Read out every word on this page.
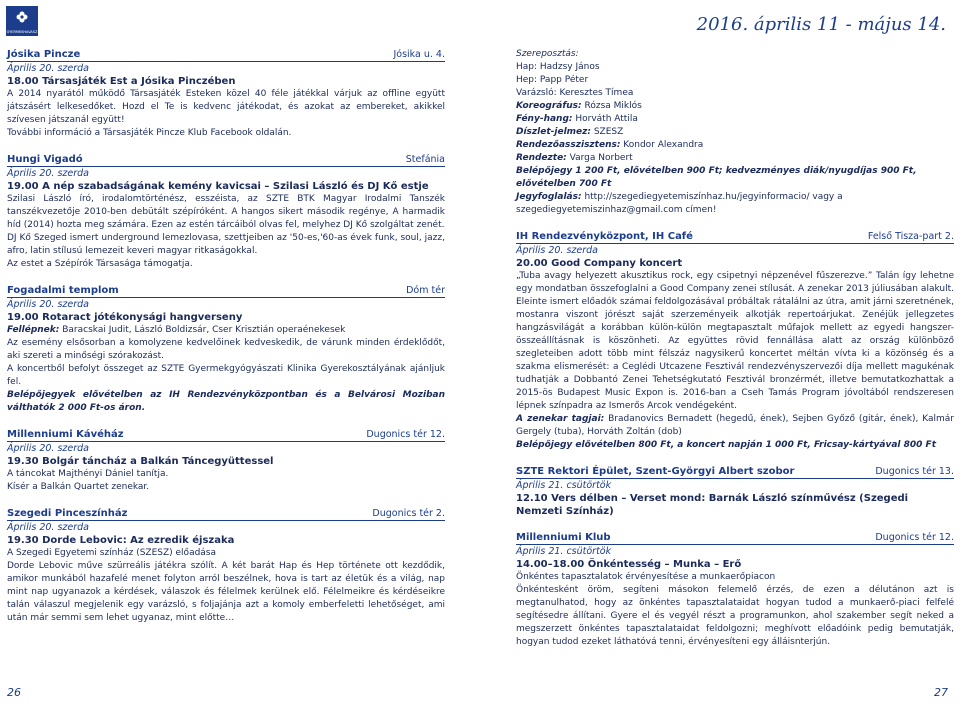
GYERMEKHAVASZ	2016. április 11 - május 14.
Jósika Pincze	Jósika u. 4.
Április 20. szerda
18.00 Társasjáték Est a Jósika Pinczében

A 2014 nyarától működő Társasjáték Esteken közel 40 féle játékkal várjuk az offline együtt játszásért lelkesedőket. Hozd el Te is kedvenc játékodat, és azokat az embereket, akikkel szívesen játszanál együtt!

További információ a Társasjáték Pincze Klub Facebook oldalán.

Hungi Vigadó	Stefánia
Április 20. szerda
19.00 A nép szabadságának kemény kavicsai – Szilasi László és DJ Kő estje

Szilasi László író, irodalomtörténész, esszéista, az SZTE BTK Magyar Irodalmi Tanszék tanszékvezetője 2010-ben debütált szépíróként. A hangos sikert második regénye, A harmadik híd (2014) hozta meg számára. Ezen az estén tárcáiból olvas fel, melyhez DJ Kő szolgáltat zenét.

DJ Kő Szeged ismert underground lemezlovasa, szettjeiben az '50-es,'60-as évek funk, soul, jazz, afro, latin stílusú lemezeit keveri magyar ritkaságokkal.

Az estet a Szépírók Társasága támogatja.

Fogadalmi templom	Dóm tér
Április 20. szerda
19.00 Rotaract jótékonysági hangverseny

Fellépnek: Baracskai Judit, László Boldizsár, Cser Krisztián operaénekesek

Az esemény elsősorban a komolyzene kedvelőinek kedveskedik, de várunk minden érdeklődőt, aki szereti a minőségi szórakozást.

A koncertből befolyt összeget az SZTE Gyermekgyógyászati Klinika Gyerekosztályának ajánljuk fel.

Belépőjegyek elővételben az IH Rendezvényközpontban és a Belvárosi Moziban válthatók 2 000 Ft-os áron.

Millenniumi Kávéház	Dugonics tér 12.
Április 20. szerda
19.30 Bolgár táncház a Balkán Táncegyüttessel

A táncokat Majthényi Dániel tanítja.

Kísér a Balkán Quartet zenekar.

Szegedi Pinceszínház	Dugonics tér 2.
Április 20. szerda
19.30 Dorde Lebovic: Az ezredik éjszaka

A Szegedi Egyetemi színház (SZESZ) előadása

Dorde Lebovic műve szürreális játékra szólít. A két barát Hap és Hep története ott kezdődik, amikor munkából hazafelé menet folyton arról beszélnek, hova is tart az életük és a világ, nap mint nap ugyanazok a kérdések, válaszok és félelmek kerülnek elő. Félelmeikre és kérdéseikre talán válaszul megjelenik egy varázsló, s foljajánja azt a komoly emberfeletti lehetőséget, ami után már semmi sem lehet ugyanaz, mint előtte…

Szereposztás:

Hap: Hadzsy János

Hep: Papp Péter

Varázsló: Keresztes Tímea

Koreográfus: Rózsa Miklós

Fény-hang: Horváth Attila

Díszlet-jelmez: SZESZ

Rendezőasszisztens: Kondor Alexandra

Rendezte: Varga Norbert

Belépőjegy 1 200 Ft, elővételben 900 Ft; kedvezményes diák/nyugdíjas 900 Ft, elővételben 700 Ft

Jegyfoglalás: http://szegediegyetemiszínhaz.hu/jegyinformacio/ vagy a szegediegyetemiszinhaz@gmail.com címen!

IH Rendezvényközpont, IH Café	Felső Tisza-part 2.
Április 20. szerda
20.00 Good Company koncert

„Tuba avagy helyezett akusztikus rock, egy csipetnyi népzenével fűszerezve.” Talán így lehetne egy mondatban összefoglalni a Good Company zenei stílusát. A zenekar 2013 júliusában alakult. Eleinte ismert előadók számai feldolgozásával próbáltak rátalálni az útra, amit járni szeretnének, mostanra viszont jórészt saját szerzeményeik alkotják repertoárjukat. Zenéjük jellegzetes hangzásvilágát a korábban külön-külön megtapasztalt műfajok mellett az egyedi hangszer-összeállításnak is köszönheti. Az együttes rövid fennállása alatt az ország különböző szegleteiben adott több mint félszáz nagysikerű koncertet méltán vívta ki a közönség és a szakma elismerését: a Ceglédi Utcazene Fesztivál rendezvényszervezői díja mellett magukénak tudhatják a Dobbantó Zenei Tehetségkutató Fesztivál bronzérmét, illetve bemutatkozhattak a 2015-ös Budapest Music Expon is. 2016-ban a Cseh Tamás Program jóvoltából rendszeresen lépnek színpadra az Ismerős Arcok vendégeként.

A zenekar tagjai: Bradanovics Bernadett (hegedű, ének), Sejben Győző (gitár, ének), Kalmár Gergely (tuba), Horváth Zoltán (dob)

Belépőjegy elővételben 800 Ft, a koncert napján 1 000 Ft, Fricsay-kártyával 800 Ft

SZTE Rektori Épület, Szent-Györgyi Albert szobor	Dugonics tér 13.
Április 21. csütörtök
12.10 Vers délben – Verset mond: Barnák László színművész (Szegedi Nemzeti Színház)
Millenniumi Klub	Dugonics tér 12.
Április 21. csütörtök
14.00–18.00 Önkéntesség – Munka – Erő

Önkéntes tapasztalatok érvényesítése a munkaerőpiacon

Önkéntesként öröm, segíteni másokon felemelő érzés, de ezen a délutánon azt is megtanulhatod, hogy az önkéntes tapasztalataidat hogyan tudod a munkaerő-piaci felfelé segítésedre állítani. Gyere el és vegyél részt a programunkon, ahol szakember segít neked a megszerzett önkéntes tapasztalataidat feldolgozni; meghívott előadóink pedig bemutatják, hogyan tudod ezeket láthatóvá tenni, érvényesíteni egy álláisnterjún.

26	27
